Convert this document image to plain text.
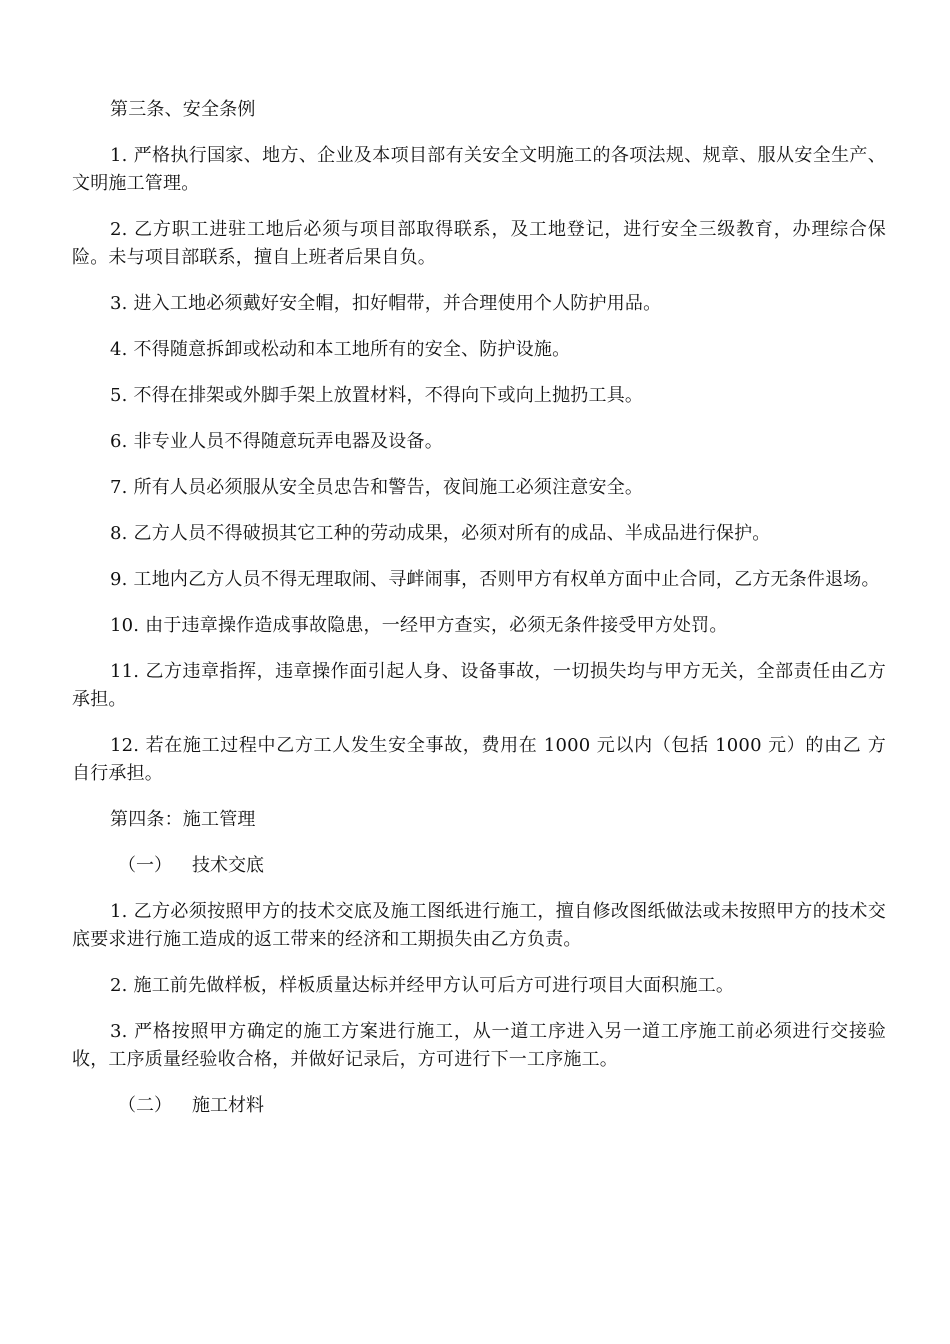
第三条、安全条例

1. 严格执行国家、地方、企业及本项目部有关安全文明施工的各项法规、规章、服从安全生产、文明施工管理。

2. 乙方职工进驻工地后必须与项目部取得联系，及工地登记，进行安全三级教育，办理综合保险。未与项目部联系，擅自上班者后果自负。

3. 进入工地必须戴好安全帽，扣好帽带，并合理使用个人防护用品。

4. 不得随意拆卸或松动和本工地所有的安全、防护设施。

5. 不得在排架或外脚手架上放置材料，不得向下或向上抛扔工具。

6. 非专业人员不得随意玩弄电器及设备。

7. 所有人员必须服从安全员忠告和警告，夜间施工必须注意安全。

8. 乙方人员不得破损其它工种的劳动成果，必须对所有的成品、半成品进行保护。

9. 工地内乙方人员不得无理取闹、寻衅闹事，否则甲方有权单方面中止合同，乙方无条件退场。

10. 由于违章操作造成事故隐患，一经甲方查实，必须无条件接受甲方处罚。

11. 乙方违章指挥，违章操作面引起人身、设备事故，一切损失均与甲方无关，全部责任由乙方承担。

12. 若在施工过程中乙方工人发生安全事故，费用在 1000 元以内（包括 1000 元）的由乙 方自行承担。

第四条：施工管理

（一） 技术交底

1. 乙方必须按照甲方的技术交底及施工图纸进行施工，擅自修改图纸做法或未按照甲方的技术交底要求进行施工造成的返工带来的经济和工期损失由乙方负责。

2. 施工前先做样板，样板质量达标并经甲方认可后方可进行项目大面积施工。

3. 严格按照甲方确定的施工方案进行施工，从一道工序进入另一道工序施工前必须进行交接验收，工序质量经验收合格，并做好记录后，方可进行下一工序施工。

（二） 施工材料
